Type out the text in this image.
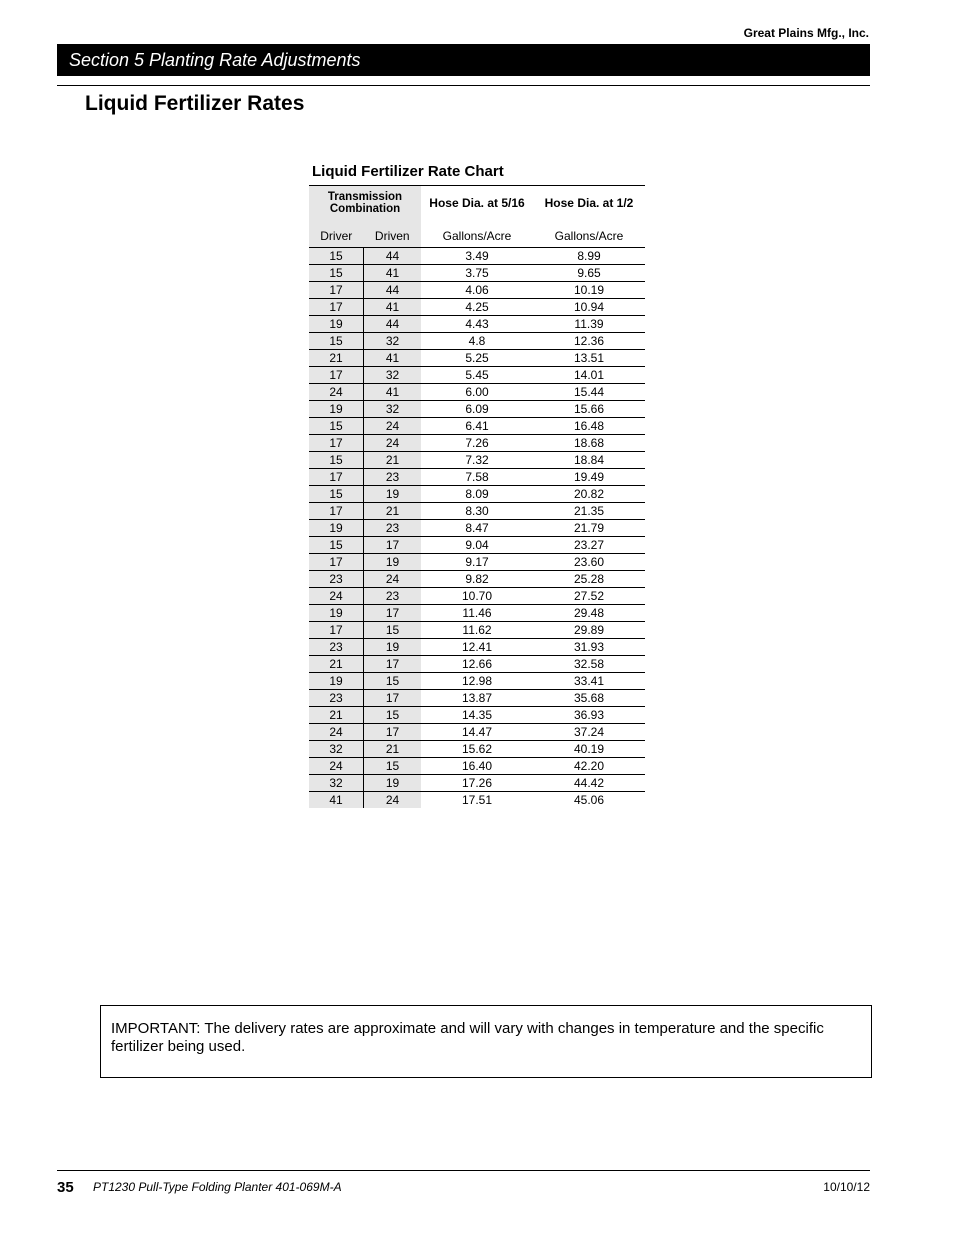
Great Plains Mfg., Inc.
Section 5 Planting Rate Adjustments
Liquid Fertilizer Rates
Liquid Fertilizer Rate Chart
Transmission Combination		Hose Dia. at 5/16	Hose Dia. at 1/2
Driver	Driven	Gallons/Acre	Gallons/Acre
15	44	3.49	8.99
15	41	3.75	9.65
17	44	4.06	10.19
17	41	4.25	10.94
19	44	4.43	11.39
15	32	4.8	12.36
21	41	5.25	13.51
17	32	5.45	14.01
24	41	6.00	15.44
19	32	6.09	15.66
15	24	6.41	16.48
17	24	7.26	18.68
15	21	7.32	18.84
17	23	7.58	19.49
15	19	8.09	20.82
17	21	8.30	21.35
19	23	8.47	21.79
15	17	9.04	23.27
17	19	9.17	23.60
23	24	9.82	25.28
24	23	10.70	27.52
19	17	11.46	29.48
17	15	11.62	29.89
23	19	12.41	31.93
21	17	12.66	32.58
19	15	12.98	33.41
23	17	13.87	35.68
21	15	14.35	36.93
24	17	14.47	37.24
32	21	15.62	40.19
24	15	16.40	42.20
32	19	17.26	44.42
41	24	17.51	45.06
IMPORTANT: The delivery rates are approximate and will vary with changes in temperature and the specific fertilizer being used.
35 PT1230 Pull-Type Folding Planter 401-069M-A	10/10/12
